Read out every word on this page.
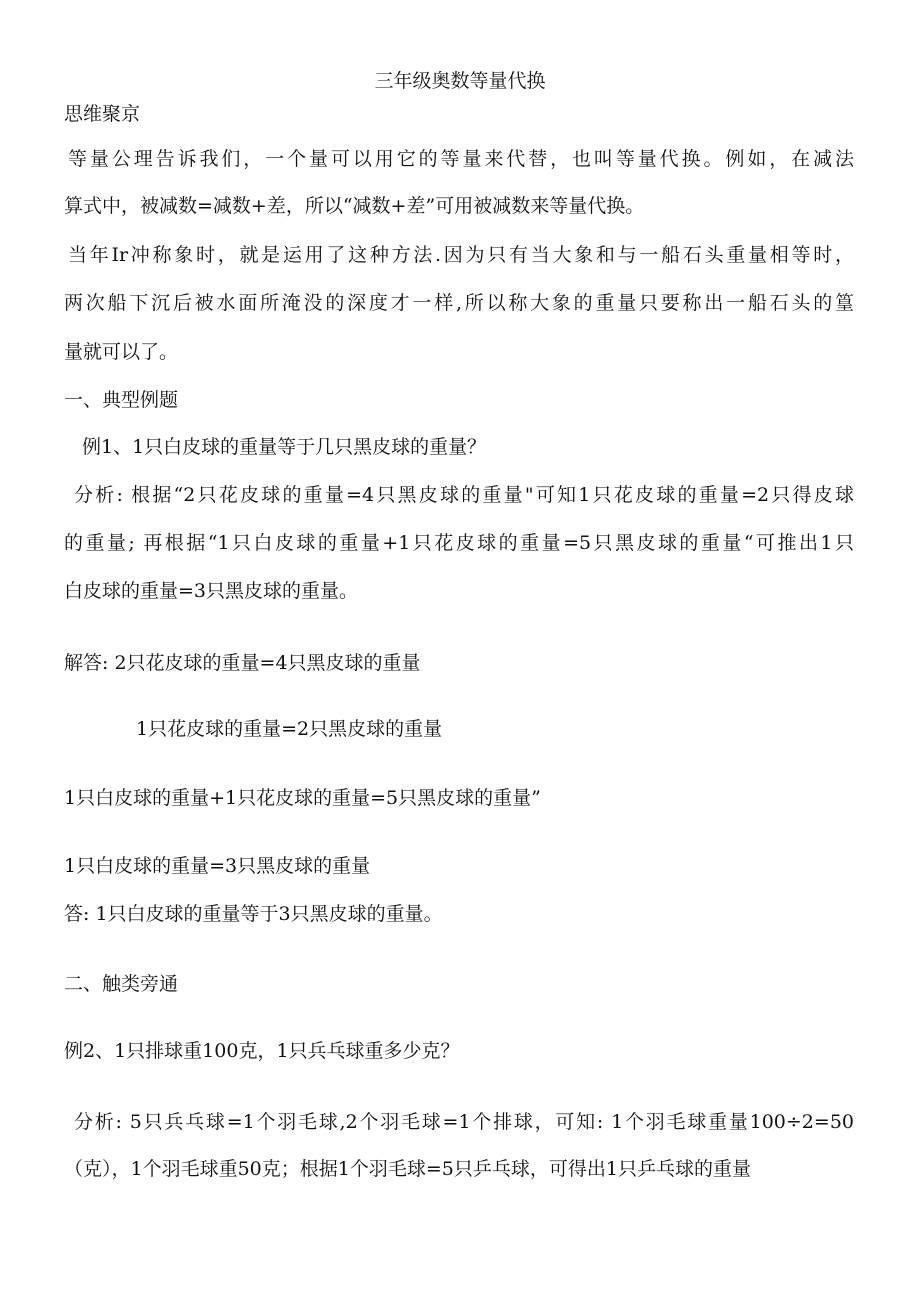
三年级奥数等量代换
思维聚京
等量公理告诉我们，一个量可以用它的等量来代替，也叫等量代换。例如，在减法
算式中，被减数=减数+差，所以“减数+差”可用被减数来等量代换。
当年Ir冲称象时，就是运用了这种方法.因为只有当大象和与一船石头重量相等时，
两次船下沉后被水面所淹没的深度才一样,所以称大象的重量只要称出一船石头的篁
量就可以了。
一、典型例题
例1、1只白皮球的重量等于几只黑皮球的重量？
分析: 根据“2只花皮球的重量=4只黑皮球的重量"可知1只花皮球的重量=2只得皮球
的重量; 再根据“1只白皮球的重量+1只花皮球的重量=5只黑皮球的重量“可推出1只
白皮球的重量=3只黑皮球的重量。
解答: 2只花皮球的重量=4只黑皮球的重量
1只花皮球的重量=2只黑皮球的重量
1只白皮球的重量+1只花皮球的重量=5只黑皮球的重量”
1只白皮球的重量=3只黑皮球的重量
答: 1只白皮球的重量等于3只黑皮球的重量。
二、触类旁通
例2、1只排球重100克，1只兵乓球重多少克？
分析: 5只兵乓球=1个羽毛球,2个羽毛球=1个排球，可知: 1个羽毛球重量100÷2=50
（克），1个羽毛球重50克；根据1个羽毛球=5只乒乓球，可得出1只乒乓球的重量
